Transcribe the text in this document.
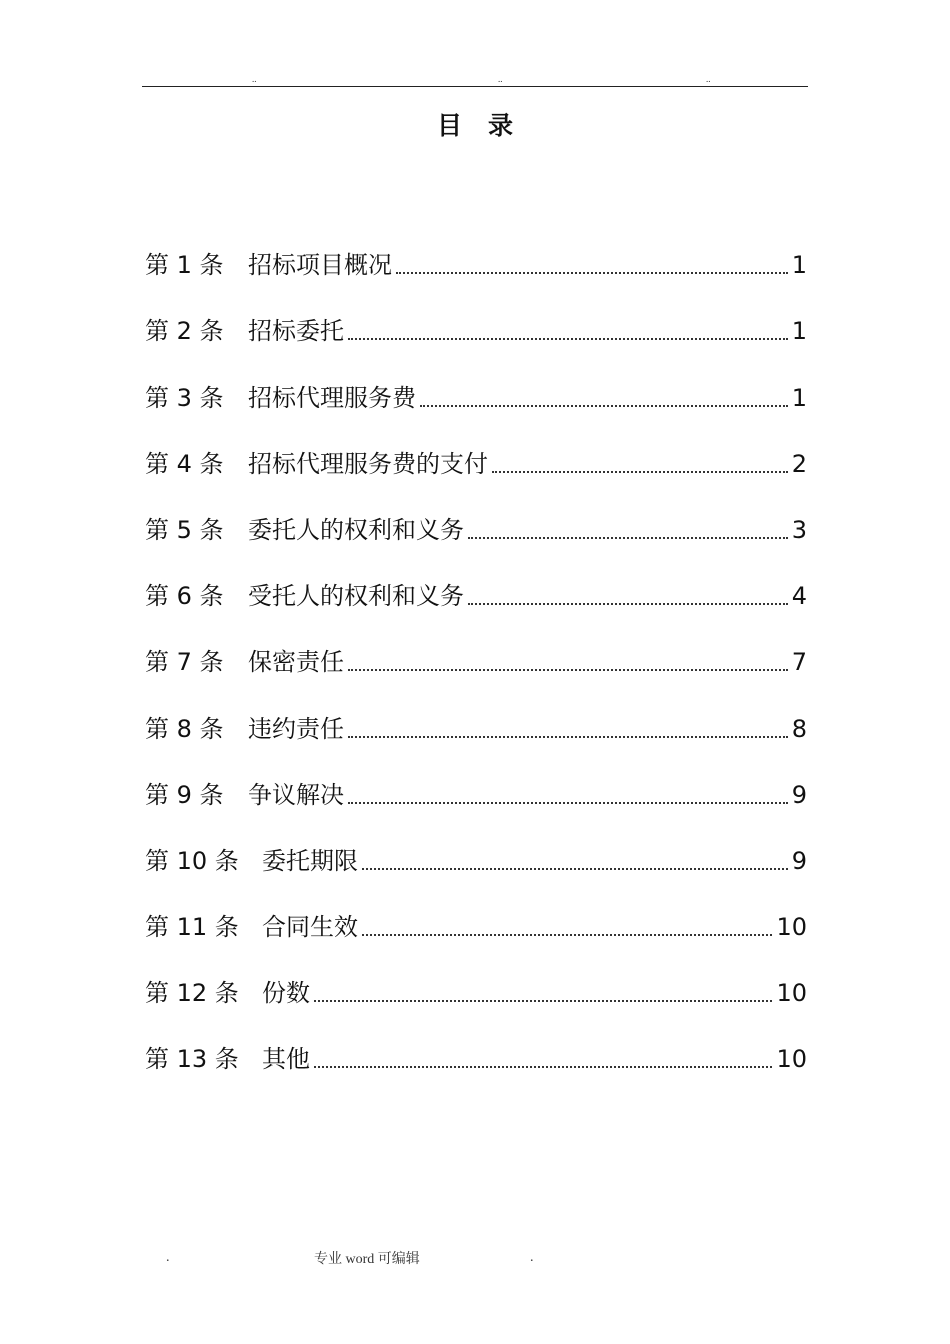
..	..	..
目录
第 1 条	招标项目概况	1
第 2 条	招标委托	1
第 3 条	招标代理服务费	1
第 4 条	招标代理服务费的支付	2
第 5 条	委托人的权利和义务	3
第 6 条	受托人的权利和义务	4
第 7 条	保密责任	7
第 8 条	违约责任	8
第 9 条	争议解决	9
第 10 条 委托期限	9
第 11 条 合同生效	10
第 12 条 份数	10
第 13 条 其他	10
.	专业 word 可编辑	.
